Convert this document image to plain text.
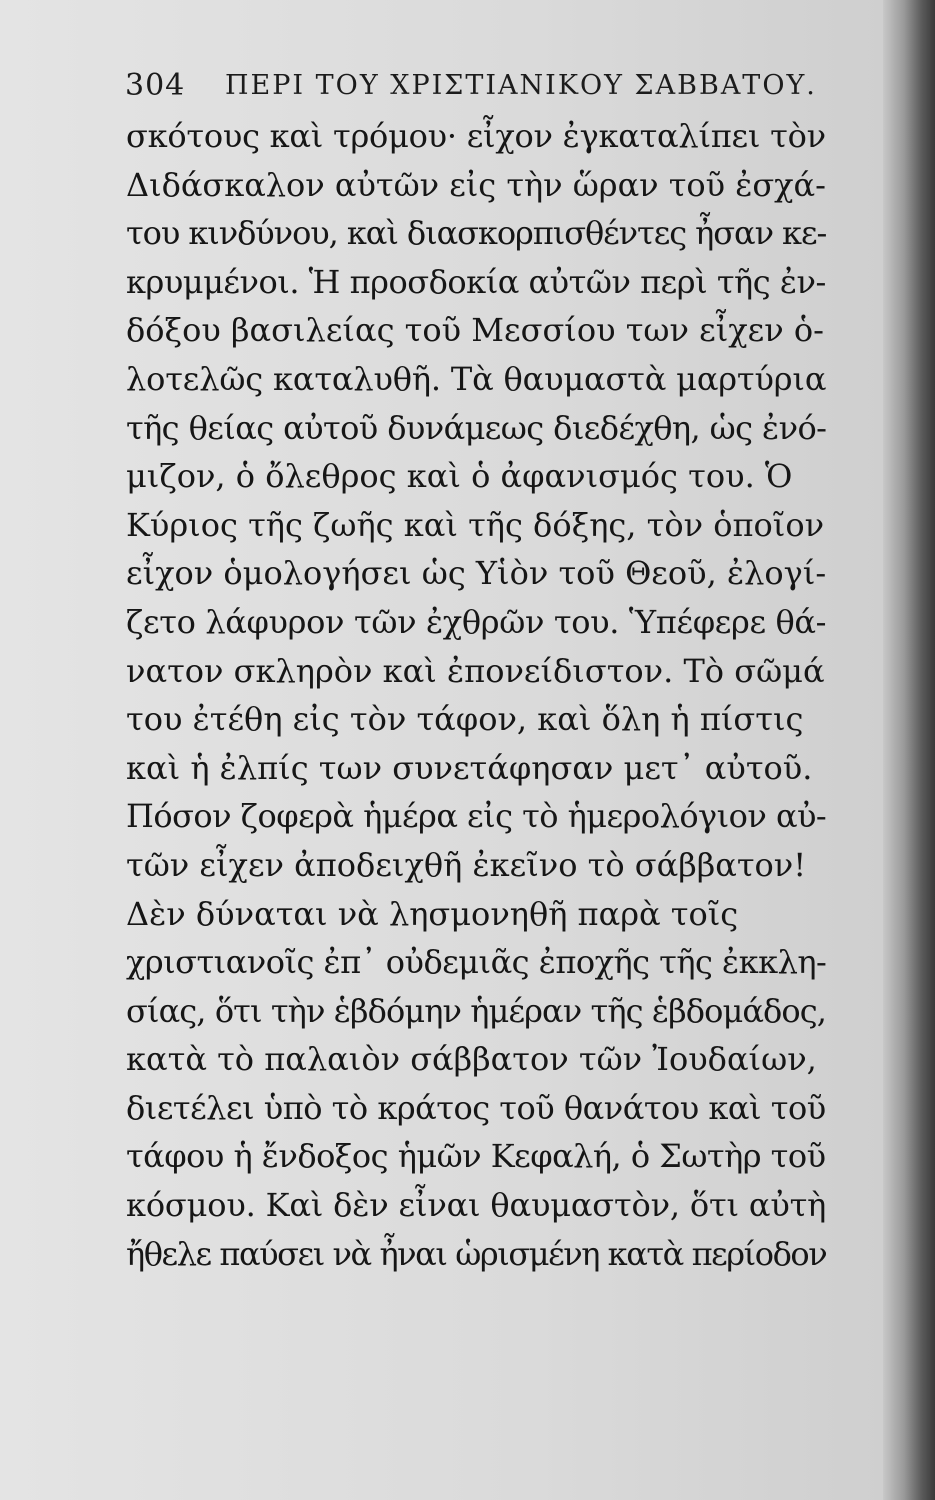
304 ΠΕΡΙ ΤΟΥ ΧΡΙΣΤΙΑΝΙΚΟΥ ΣΑΒΒΑΤΟΥ.
σκότους καὶ τρόμου· εἶχον ἐγκαταλίπει τὸν
Διδάσκαλον αὐτῶν εἰς τὴν ὥραν τοῦ ἐσχά-
του κινδύνου, καὶ διασκορπισθέντες ἦσαν κε-
κρυμμένοι. Ἡ προσδοκία αὐτῶν περὶ τῆς ἐν-
δόξου βασιλείας τοῦ Μεσσίου των εἶχεν ὁ-
λοτελῶς καταλυθῆ. Τὰ θαυμαστὰ μαρτύρια
τῆς θείας αὐτοῦ δυνάμεως διεδέχθη, ὡς ἐνό-
μιζον, ὁ ὄλεθρος καὶ ὁ ἀφανισμός του. Ὁ
Κύριος τῆς ζωῆς καὶ τῆς δόξης, τὸν ὁποῖον
εἶχον ὁμολογήσει ὡς Υἱὸν τοῦ Θεοῦ, ἐλογί-
ζετο λάφυρον τῶν ἐχθρῶν του. Ὑπέφερε θά-
νατον σκληρὸν καὶ ἐπονείδιστον. Τὸ σῶμά
του ἐτέθη εἰς τὸν τάφον, καὶ ὅλη ἡ πίστις
καὶ ἡ ἐλπίς των συνετάφησαν μετ᾽ αὐτοῦ.
Πόσον ζοφερὰ ἡμέρα εἰς τὸ ἡμερολόγιον αὐ-
τῶν εἶχεν ἀποδειχθῆ ἐκεῖνο τὸ σάββατον!
Δὲν δύναται νὰ λησμονηθῆ παρὰ τοῖς
χριστιανοῖς ἐπ᾽ οὐδεμιᾶς ἐποχῆς τῆς ἐκκλη-
σίας, ὅτι τὴν ἑβδόμην ἡμέραν τῆς ἑβδομάδος,
κατὰ τὸ παλαιὸν σάββατον τῶν Ἰουδαίων,
διετέλει ὑπὸ τὸ κράτος τοῦ θανάτου καὶ τοῦ
τάφου ἡ ἔνδοξος ἡμῶν Κεφαλή, ὁ Σωτὴρ τοῦ
κόσμου. Καὶ δὲν εἶναι θαυμαστὸν, ὅτι αὐτὴ
ἤθελε παύσει νὰ ἦναι ὡρισμένη κατὰ περίοδον
